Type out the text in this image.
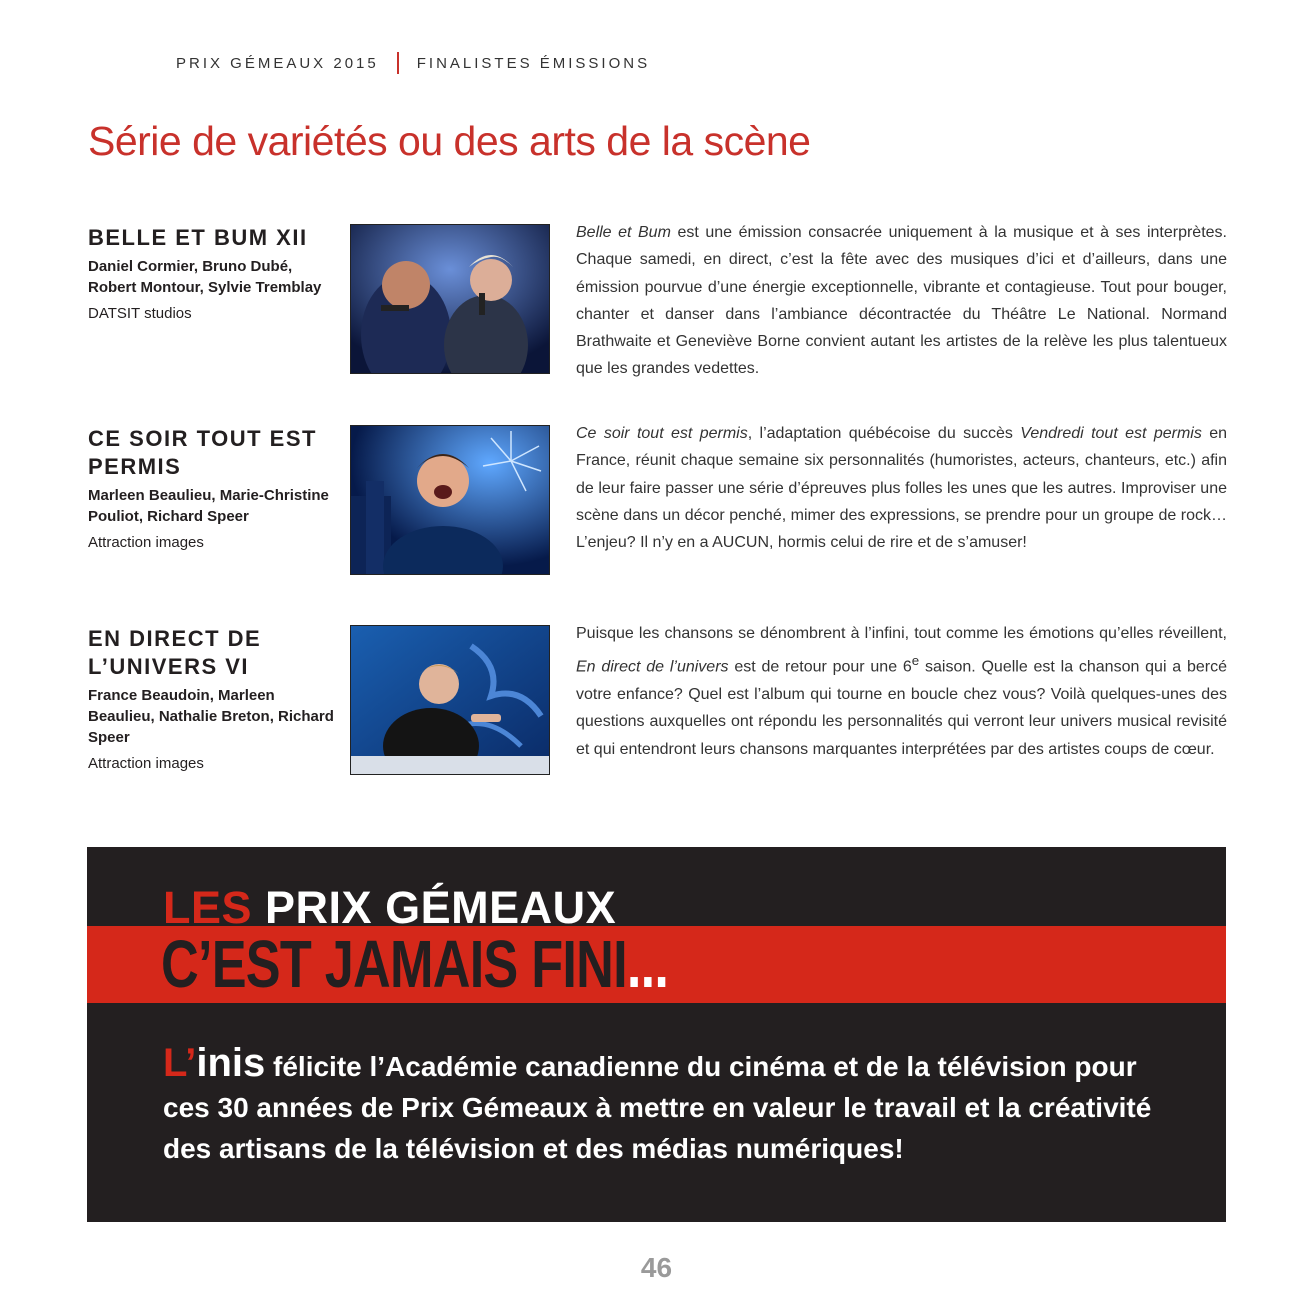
PRIX GÉMEAUX 2015	FINALISTES ÉMISSIONS
Série de variétés ou des arts de la scène
BELLE ET BUM XII
Daniel Cormier, Bruno Dubé, Robert Montour, Sylvie Tremblay
DATSIT studios
Belle et Bum est une émission consacrée uniquement à la musique et à ses interprètes. Chaque samedi, en direct, c’est la fête avec des musiques d’ici et d’ailleurs, dans une émission pourvue d’une énergie exceptionnelle, vibrante et contagieuse. Tout pour bouger, chanter et danser dans l’ambiance décontractée du Théâtre Le National. Normand Brathwaite et Geneviève Borne convient autant les artistes de la relève les plus talentueux que les grandes vedettes.
CE SOIR TOUT EST PERMIS
Marleen Beaulieu, Marie-Christine Pouliot, Richard Speer
Attraction images
Ce soir tout est permis, l’adaptation québécoise du succès Vendredi tout est permis en France, réunit chaque semaine six personnalités (humoristes, acteurs, chanteurs, etc.) afin de leur faire passer une série d’épreuves plus folles les unes que les autres. Improviser une scène dans un décor penché, mimer des expressions, se prendre pour un groupe de rock… L’enjeu? Il n’y en a AUCUN, hormis celui de rire et de s’amuser!
EN DIRECT DE L’UNIVERS VI
France Beaudoin, Marleen Beaulieu, Nathalie Breton, Richard Speer
Attraction images
Puisque les chansons se dénombrent à l’infini, tout comme les émotions qu’elles réveillent, En direct de l’univers est de retour pour une 6e saison. Quelle est la chanson qui a bercé votre enfance? Quel est l’album qui tourne en boucle chez vous? Voilà quelques-unes des questions auxquelles ont répondu les personnalités qui verront leur univers musical revisité et qui entendront leurs chansons marquantes interprétées par des artistes coups de cœur.
LES PRIX GÉMEAUX
C’EST JAMAIS FINI...
L’inis félicite l’Académie canadienne du cinéma et de la télévision pour ces 30 années de Prix Gémeaux à mettre en valeur le travail et la créativité des artisans de la télévision et des médias numériques!
46
